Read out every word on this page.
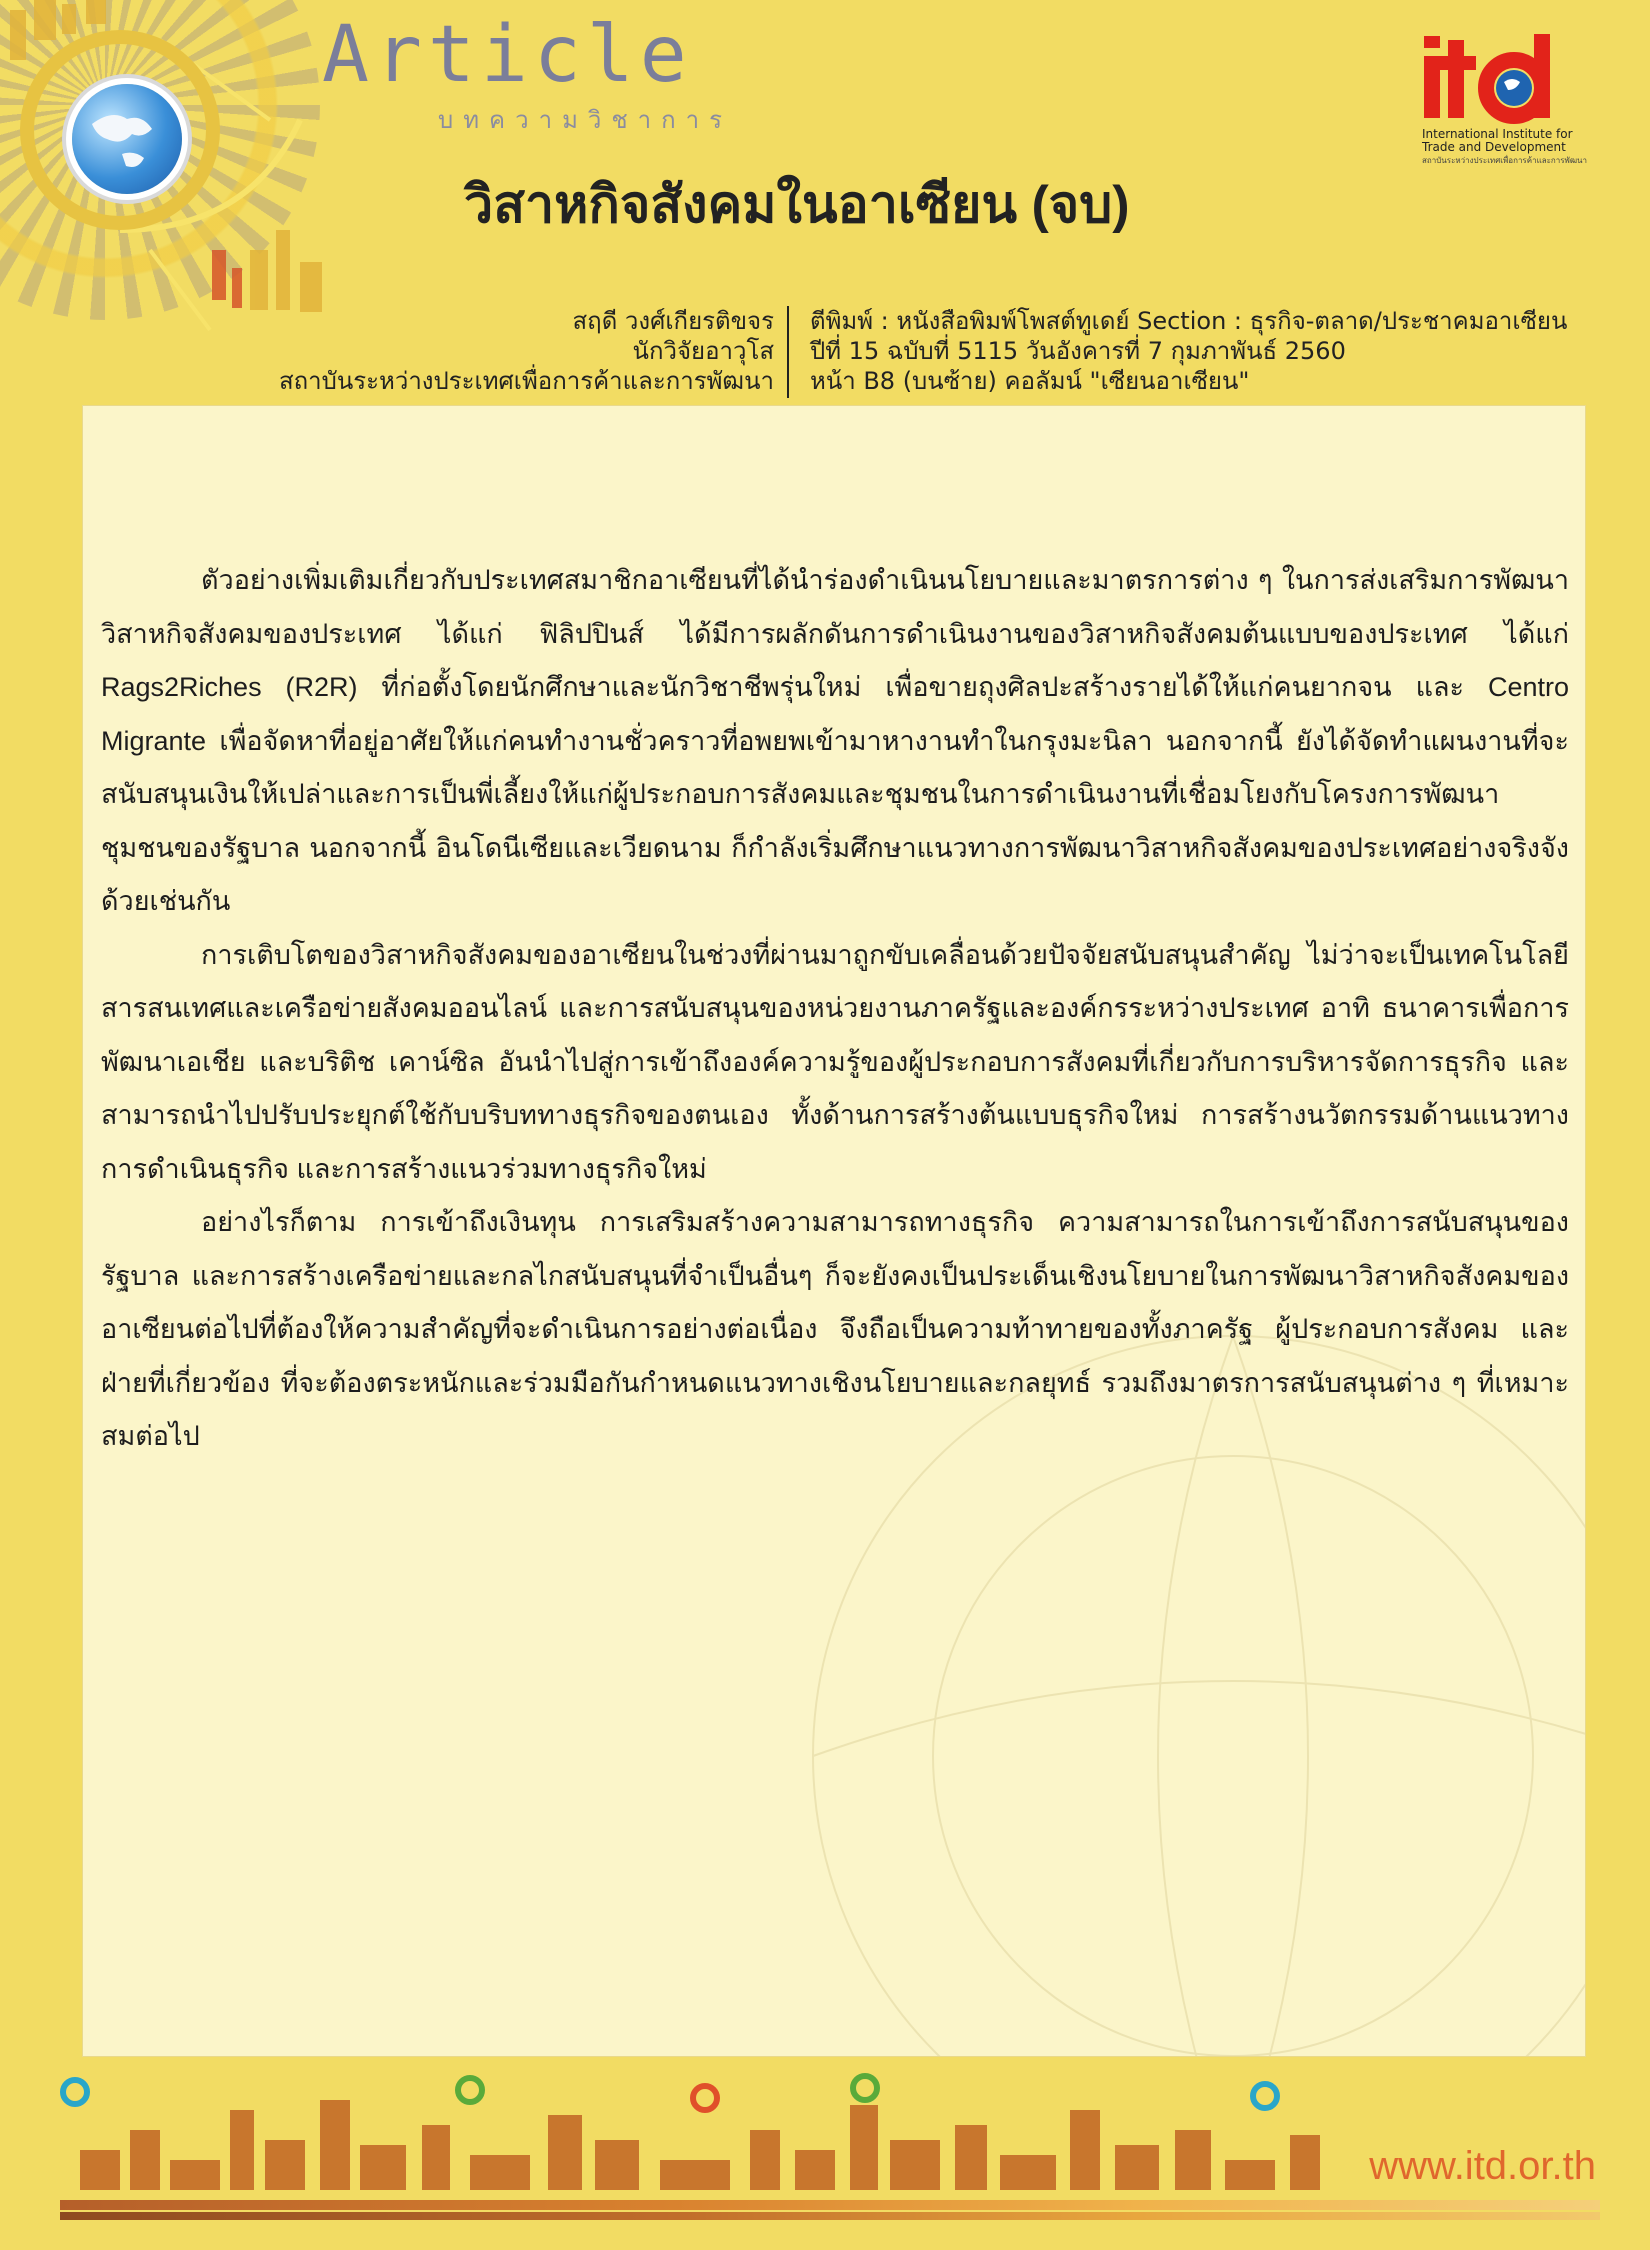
Article
บทความวิชาการ
วิสาหกิจสังคมในอาเซียน (จบ)
International Institute for
Trade and Development
สถาบันระหว่างประเทศเพื่อการค้าและการพัฒนา
สฤดี วงศ์เกียรติขจร
นักวิจัยอาวุโส
สถาบันระหว่างประเทศเพื่อการค้าและการพัฒนา
ตีพิมพ์ : หนังสือพิมพ์โพสต์ทูเดย์ Section : ธุรกิจ-ตลาด/ประชาคมอาเซียน
ปีที่ 15 ฉบับที่ 5115 วันอังคารที่ 7 กุมภาพันธ์ 2560
หน้า B8 (บนซ้าย) คอลัมน์ "เซียนอาเซียน"

ตัวอย่างเพิ่มเติมเกี่ยวกับประเทศสมาชิกอาเซียนที่ได้นำร่องดำเนินนโยบายและมาตรการต่าง ๆ ในการส่งเสริมการพัฒนาวิสาหกิจสังคมของประเทศ ได้แก่ ฟิลิปปินส์ ได้มีการผลักดันการดำเนินงานของวิสาหกิจสังคมต้นแบบของประเทศ ได้แก่ Rags2Riches (R2R) ที่ก่อตั้งโดยนักศึกษาและนักวิชาชีพรุ่นใหม่ เพื่อขายถุงศิลปะสร้างรายได้ให้แก่คนยากจน และ Centro Migrante เพื่อจัดหาที่อยู่อาศัยให้แก่คนทำงานชั่วคราวที่อพยพเข้ามาหางานทำในกรุงมะนิลา นอกจากนี้ ยังได้จัดทำแผนงานที่จะสนับสนุนเงินให้เปล่าและการเป็นพี่เลี้ยงให้แก่ผู้ประกอบการสังคมและชุมชนในการดำเนินงานที่เชื่อมโยงกับโครงการพัฒนาชุมชนของรัฐบาล นอกจากนี้ อินโดนีเซียและเวียดนาม ก็กำลังเริ่มศึกษาแนวทางการพัฒนาวิสาหกิจสังคมของประเทศอย่างจริงจังด้วยเช่นกัน

การเติบโตของวิสาหกิจสังคมของอาเซียนในช่วงที่ผ่านมาถูกขับเคลื่อนด้วยปัจจัยสนับสนุนสำคัญ ไม่ว่าจะเป็นเทคโนโลยีสารสนเทศและเครือข่ายสังคมออนไลน์ และการสนับสนุนของหน่วยงานภาครัฐและองค์กรระหว่างประเทศ อาทิ ธนาคารเพื่อการพัฒนาเอเชีย และบริติช เคาน์ซิล อันนำไปสู่การเข้าถึงองค์ความรู้ของผู้ประกอบการสังคมที่เกี่ยวกับการบริหารจัดการธุรกิจ และสามารถนำไปปรับประยุกต์ใช้กับบริบททางธุรกิจของตนเอง ทั้งด้านการสร้างต้นแบบธุรกิจใหม่ การสร้างนวัตกรรมด้านแนวทางการดำเนินธุรกิจ และการสร้างแนวร่วมทางธุรกิจใหม่

อย่างไรก็ตาม การเข้าถึงเงินทุน การเสริมสร้างความสามารถทางธุรกิจ ความสามารถในการเข้าถึงการสนับสนุนของรัฐบาล และการสร้างเครือข่ายและกลไกสนับสนุนที่จำเป็นอื่นๆ ก็จะยังคงเป็นประเด็นเชิงนโยบายในการพัฒนาวิสาหกิจสังคมของอาเซียนต่อไปที่ต้องให้ความสำคัญที่จะดำเนินการอย่างต่อเนื่อง จึงถือเป็นความท้าทายของทั้งภาครัฐ ผู้ประกอบการสังคม และฝ่ายที่เกี่ยวข้อง ที่จะต้องตระหนักและร่วมมือกันกำหนดแนวทางเชิงนโยบายและกลยุทธ์ รวมถึงมาตรการสนับสนุนต่าง ๆ ที่เหมาะสมต่อไป

www.itd.or.th
